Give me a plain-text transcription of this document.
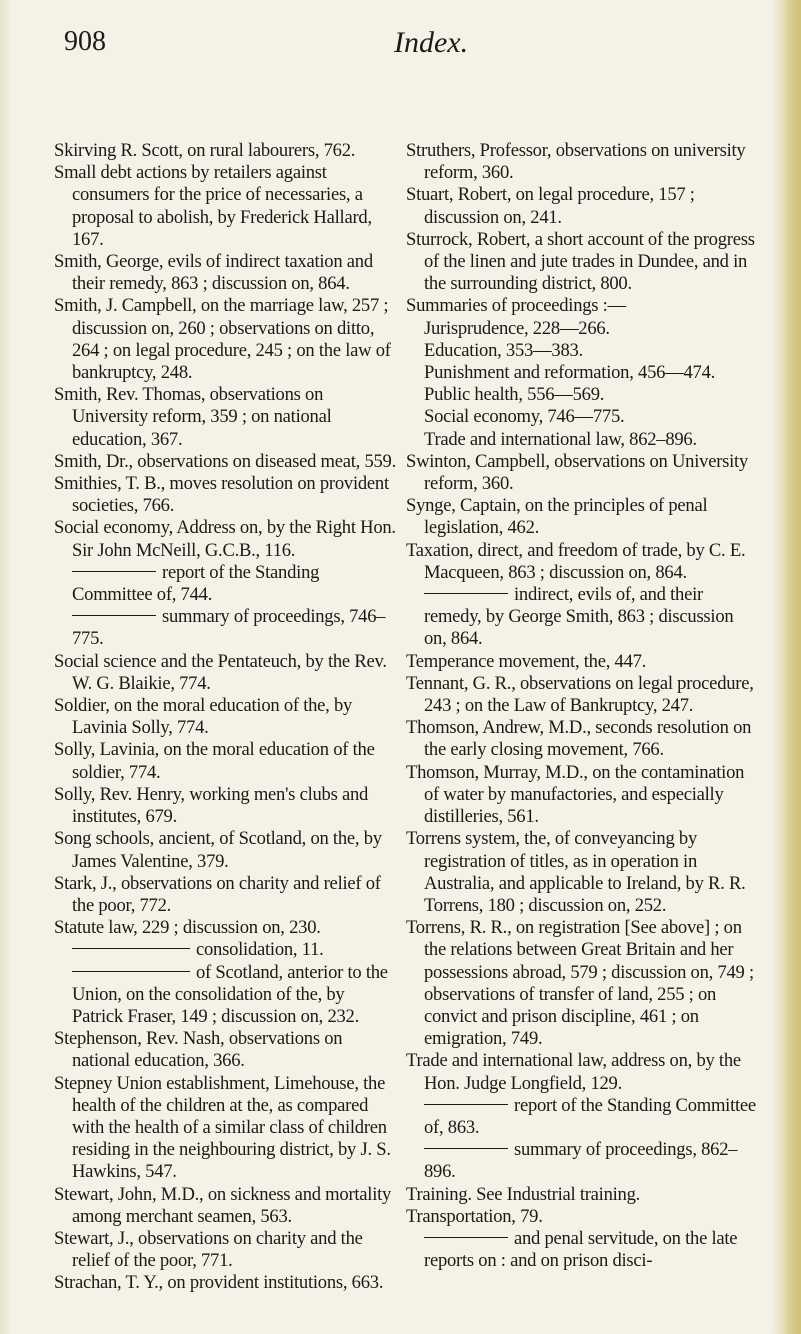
908	Index.
Skirving R. Scott, on rural labourers, 762.
Small debt actions by retailers against consumers for the price of necessaries, a proposal to abolish, by Frederick Hallard, 167.
Smith, George, evils of indirect taxation and their remedy, 863 ; discussion on, 864.
Smith, J. Campbell, on the marriage law, 257 ; discussion on, 260 ; observations on ditto, 264 ; on legal procedure, 245 ; on the law of bankruptcy, 248.
Smith, Rev. Thomas, observations on University reform, 359 ; on national education, 367.
Smith, Dr., observations on diseased meat, 559.
Smithies, T. B., moves resolution on provident societies, 766.
Social economy, Address on, by the Right Hon. Sir John McNeill, G.C.B., 116.
report of the Standing Committee of, 744.
summary of proceedings, 746–775.
Social science and the Pentateuch, by the Rev. W. G. Blaikie, 774.
Soldier, on the moral education of the, by Lavinia Solly, 774.
Solly, Lavinia, on the moral education of the soldier, 774.
Solly, Rev. Henry, working men's clubs and institutes, 679.
Song schools, ancient, of Scotland, on the, by James Valentine, 379.
Stark, J., observations on charity and relief of the poor, 772.
Statute law, 229 ; discussion on, 230.
consolidation, 11.
of Scotland, anterior to the Union, on the consolidation of the, by Patrick Fraser, 149 ; discussion on, 232.
Stephenson, Rev. Nash, observations on national education, 366.
Stepney Union establishment, Limehouse, the health of the children at the, as compared with the health of a similar class of children residing in the neighbouring district, by J. S. Hawkins, 547.
Stewart, John, M.D., on sickness and mortality among merchant seamen, 563.
Stewart, J., observations on charity and the relief of the poor, 771.
Strachan, T. Y., on provident institutions, 663.
Struthers, Professor, observations on university reform, 360.
Stuart, Robert, on legal procedure, 157 ; discussion on, 241.
Sturrock, Robert, a short account of the progress of the linen and jute trades in Dundee, and in the surrounding district, 800.
Summaries of proceedings :—
Jurisprudence, 228—266.
Education, 353—383.
Punishment and reformation, 456—474.
Public health, 556—569.
Social economy, 746—775.
Trade and international law, 862–896.
Swinton, Campbell, observations on University reform, 360.
Synge, Captain, on the principles of penal legislation, 462.
Taxation, direct, and freedom of trade, by C. E. Macqueen, 863 ; discussion on, 864.
indirect, evils of, and their remedy, by George Smith, 863 ; discussion on, 864.
Temperance movement, the, 447.
Tennant, G. R., observations on legal procedure, 243 ; on the Law of Bankruptcy, 247.
Thomson, Andrew, M.D., seconds resolution on the early closing movement, 766.
Thomson, Murray, M.D., on the contamination of water by manufactories, and especially distilleries, 561.
Torrens system, the, of conveyancing by registration of titles, as in operation in Australia, and applicable to Ireland, by R. R. Torrens, 180 ; discussion on, 252.
Torrens, R. R., on registration [See above] ; on the relations between Great Britain and her possessions abroad, 579 ; discussion on, 749 ; observations of transfer of land, 255 ; on convict and prison discipline, 461 ; on emigration, 749.
Trade and international law, address on, by the Hon. Judge Longfield, 129.
report of the Standing Committee of, 863.
summary of proceedings, 862–896.
Training. See Industrial training.
Transportation, 79.
and penal servitude, on the late reports on : and on prison disci-
